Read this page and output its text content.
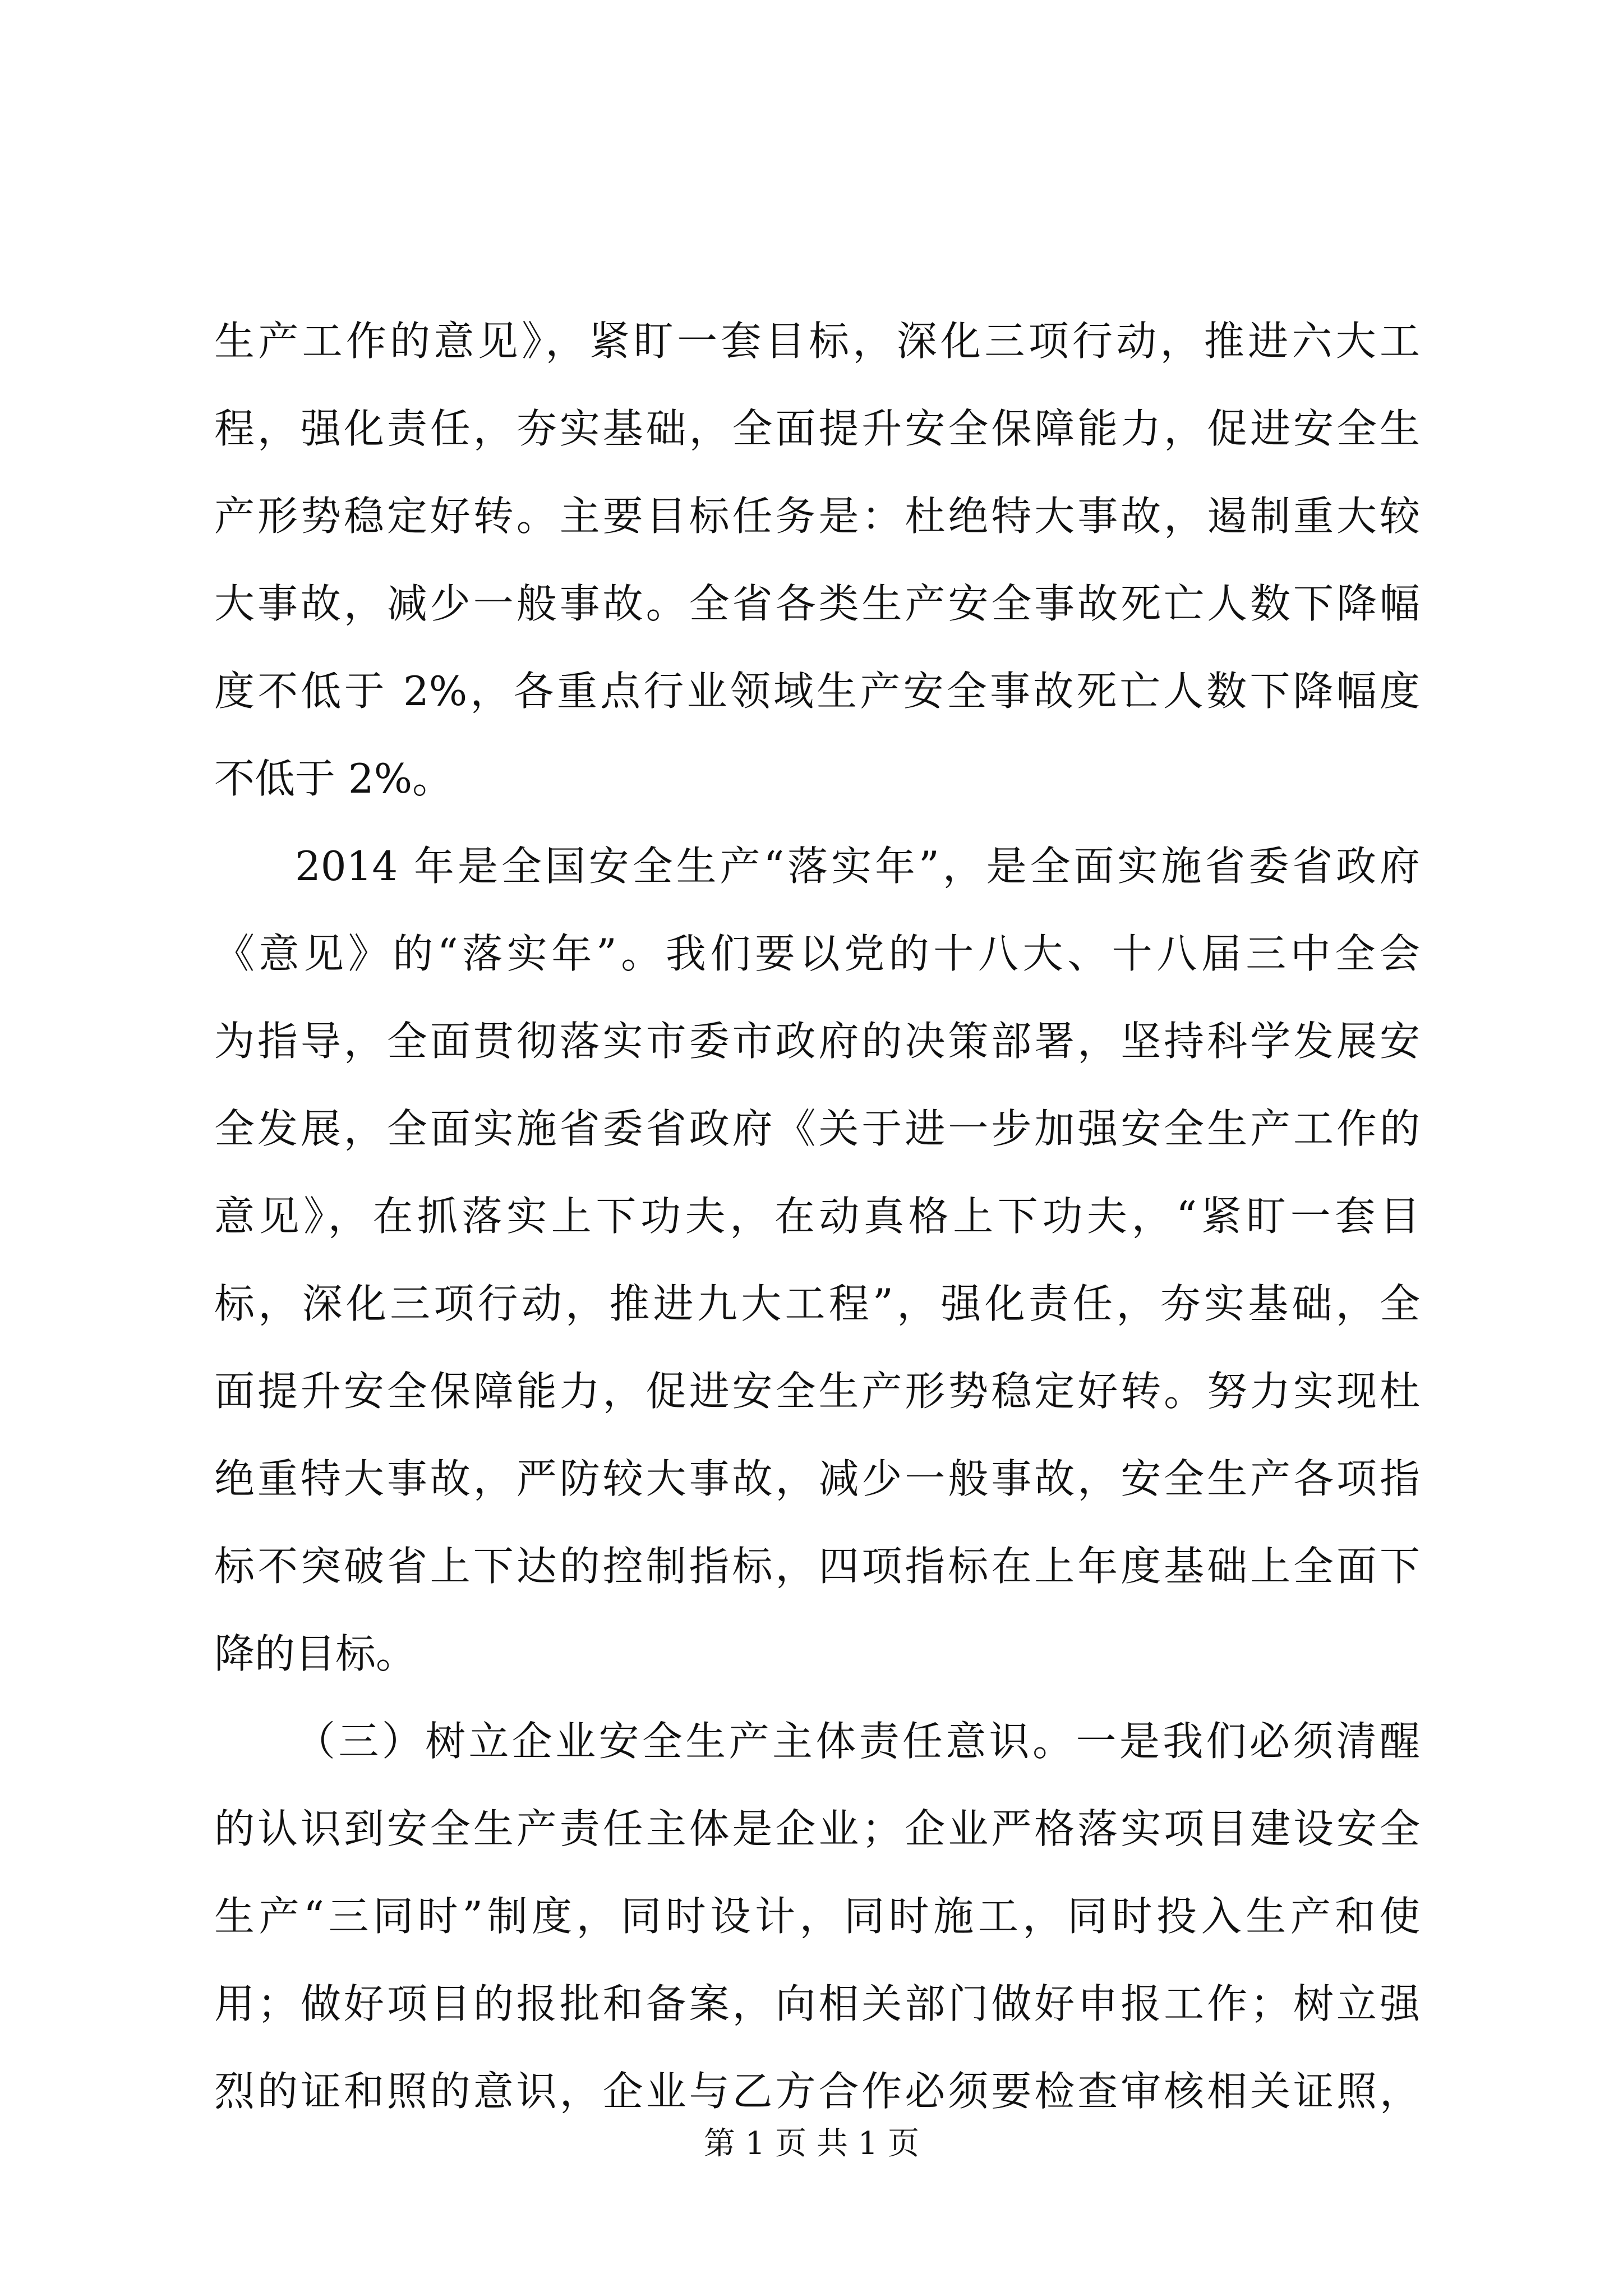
生产工作的意见》，紧盯一套目标，深化三项行动，推进六大工
程，强化责任，夯实基础，全面提升安全保障能力，促进安全生
产形势稳定好转。主要目标任务是：杜绝特大事故，遏制重大较
大事故，减少一般事故。全省各类生产安全事故死亡人数下降幅
度不低于 2%，各重点行业领域生产安全事故死亡人数下降幅度
不低于 2%。
2014 年是全国安全生产“落实年”，是全面实施省委省政府
《意见》的“落实年”。我们要以党的十八大、十八届三中全会
为指导，全面贯彻落实市委市政府的决策部署，坚持科学发展安
全发展，全面实施省委省政府《关于进一步加强安全生产工作的
意见》，在抓落实上下功夫，在动真格上下功夫，“紧盯一套目
标，深化三项行动，推进九大工程”，强化责任，夯实基础，全
面提升安全保障能力，促进安全生产形势稳定好转。努力实现杜
绝重特大事故，严防较大事故，减少一般事故，安全生产各项指
标不突破省上下达的控制指标，四项指标在上年度基础上全面下
降的目标。
（三）树立企业安全生产主体责任意识。一是我们必须清醒
的认识到安全生产责任主体是企业；企业严格落实项目建设安全
生产“三同时”制度，同时设计，同时施工，同时投入生产和使
用；做好项目的报批和备案，向相关部门做好申报工作；树立强
烈的证和照的意识，企业与乙方合作必须要检查审核相关证照，
第 1 页 共 1 页
